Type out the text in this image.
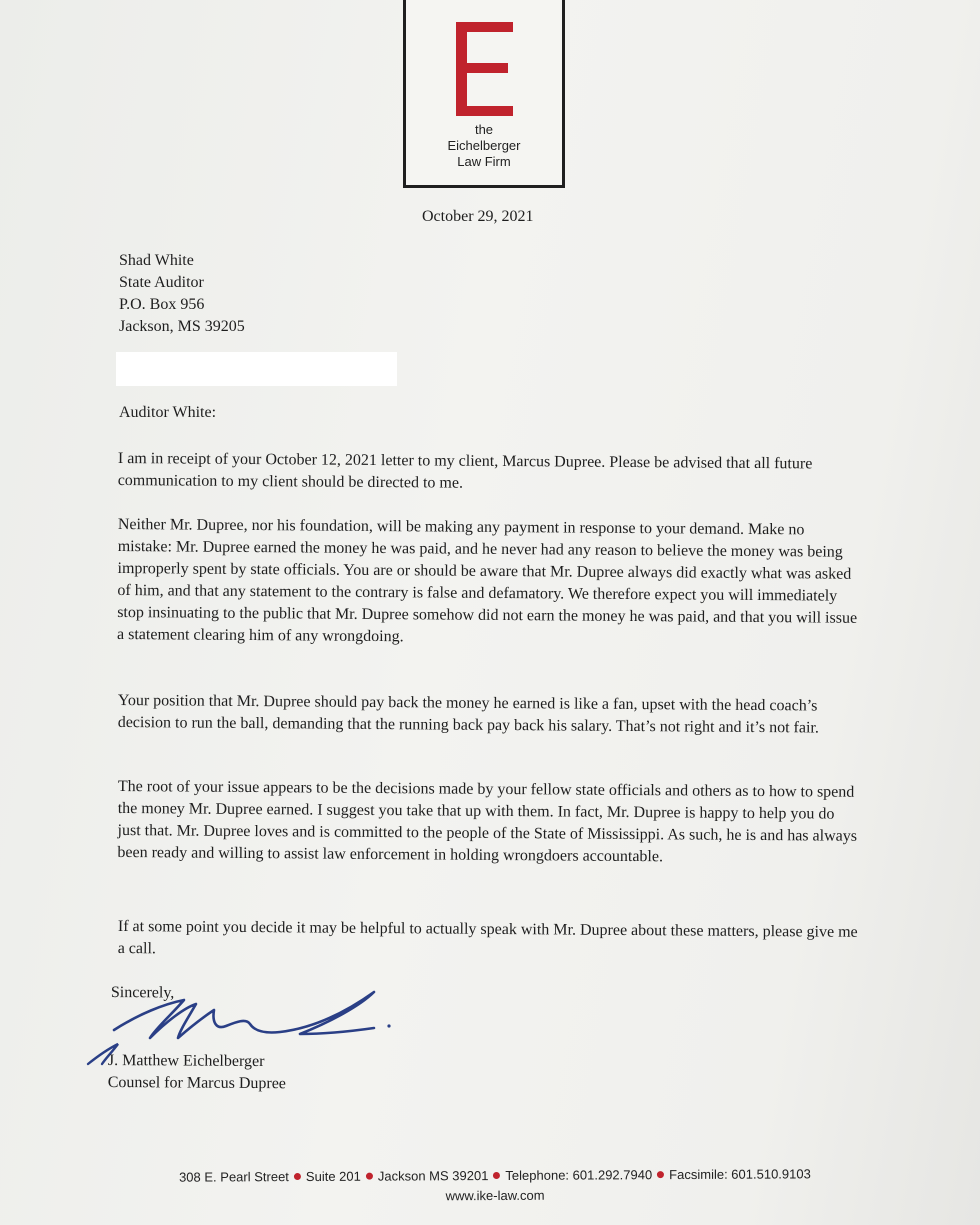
the
Eichelberger
Law Firm
October 29, 2021
Shad White
State Auditor
P.O. Box 956
Jackson, MS 39205
Auditor White:

I am in receipt of your October 12, 2021 letter to my client, Marcus Dupree. Please be advised that all future communication to my client should be directed to me.

Neither Mr. Dupree, nor his foundation, will be making any payment in response to your demand. Make no mistake: Mr. Dupree earned the money he was paid, and he never had any reason to believe the money was being improperly spent by state officials. You are or should be aware that Mr. Dupree always did exactly what was asked of him, and that any statement to the contrary is false and defamatory. We therefore expect you will immediately stop insinuating to the public that Mr. Dupree somehow did not earn the money he was paid, and that you will issue a statement clearing him of any wrongdoing.

Your position that Mr. Dupree should pay back the money he earned is like a fan, upset with the head coach’s decision to run the ball, demanding that the running back pay back his salary. That’s not right and it’s not fair.

The root of your issue appears to be the decisions made by your fellow state officials and others as to how to spend the money Mr. Dupree earned. I suggest you take that up with them. In fact, Mr. Dupree is happy to help you do just that. Mr. Dupree loves and is committed to the people of the State of Mississippi. As such, he is and has always been ready and willing to assist law enforcement in holding wrongdoers accountable.

If at some point you decide it may be helpful to actually speak with Mr. Dupree about these matters, please give me a call.

Sincerely,
J. Matthew Eichelberger
Counsel for Marcus Dupree
308 E. Pearl Street Suite 201 Jackson MS 39201 Telephone: 601.292.7940 Facsimile: 601.510.9103
www.ike-law.com
